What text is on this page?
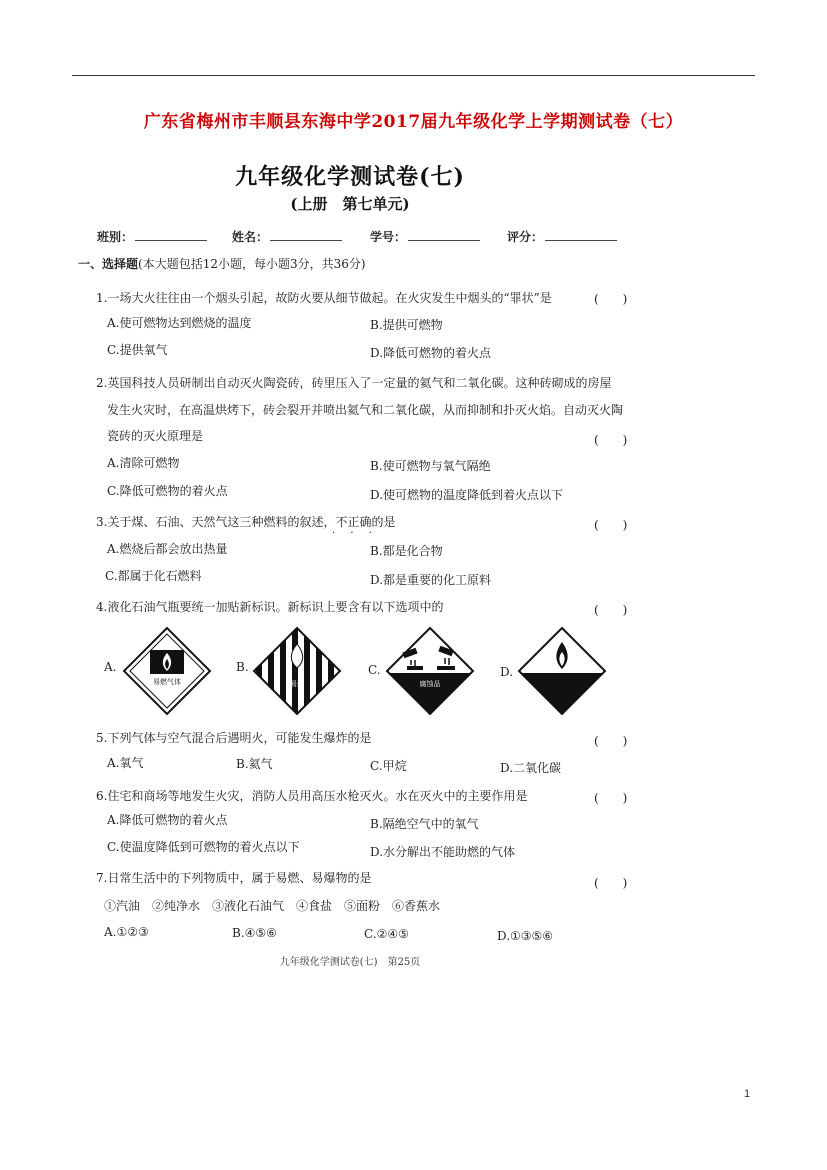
广东省梅州市丰顺县东海中学2017届九年级化学上学期测试卷（七）
九年级化学测试卷(七)
(上册　第七单元)
班别：	姓名：	学号：	评分：
一、选择题(本大题包括12小题，每小题3分，共36分)
1.一场大火往往由一个烟头引起，故防火要从细节做起。在火灾发生中烟头的“罪状”是	(　　)
A.使可燃物达到燃烧的温度	B.提供可燃物
C.提供氧气	D.降低可燃物的着火点
2.英国科技人员研制出自动灭火陶瓷砖，砖里压入了一定量的氦气和二氧化碳。这种砖砌成的房屋
发生火灾时，在高温烘烤下，砖会裂开并喷出氦气和二氧化碳，从而抑制和扑灭火焰。自动灭火陶
瓷砖的灭火原理是	(　　)
A.清除可燃物	B.使可燃物与氧气隔绝
C.降低可燃物的着火点	D.使可燃物的温度降低到着火点以下
3.关于煤、石油、天然气这三种燃料的叙述，不正确的是
· · ·
(　　)
A.燃烧后都会放出热量	B.都是化合物
C.都属于化石燃料	D.都是重要的化工原料
4.液化石油气瓶要统一加贴新标识。新标识上要含有以下选项中的	(　　)
A.
易燃气体
B.
易燃
C.
腐蚀品
D.
5.下列气体与空气混合后遇明火，可能发生爆炸的是	(　　)
A.氧气	B.氦气	C.甲烷	D.二氧化碳
6.住宅和商场等地发生火灾，消防人员用高压水枪灭火。水在灭火中的主要作用是	(　　)
A.降低可燃物的着火点	B.隔绝空气中的氧气
C.使温度降低到可燃物的着火点以下	D.水分解出不能助燃的气体
7.日常生活中的下列物质中，属于易燃、易爆物的是	(　　)
①汽油　②纯净水　③液化石油气　④食盐　⑤面粉　⑥香蕉水
A.①②③	B.④⑤⑥	C.②④⑤	D.①③⑤⑥
九年级化学测试卷(七)　第25页
1
